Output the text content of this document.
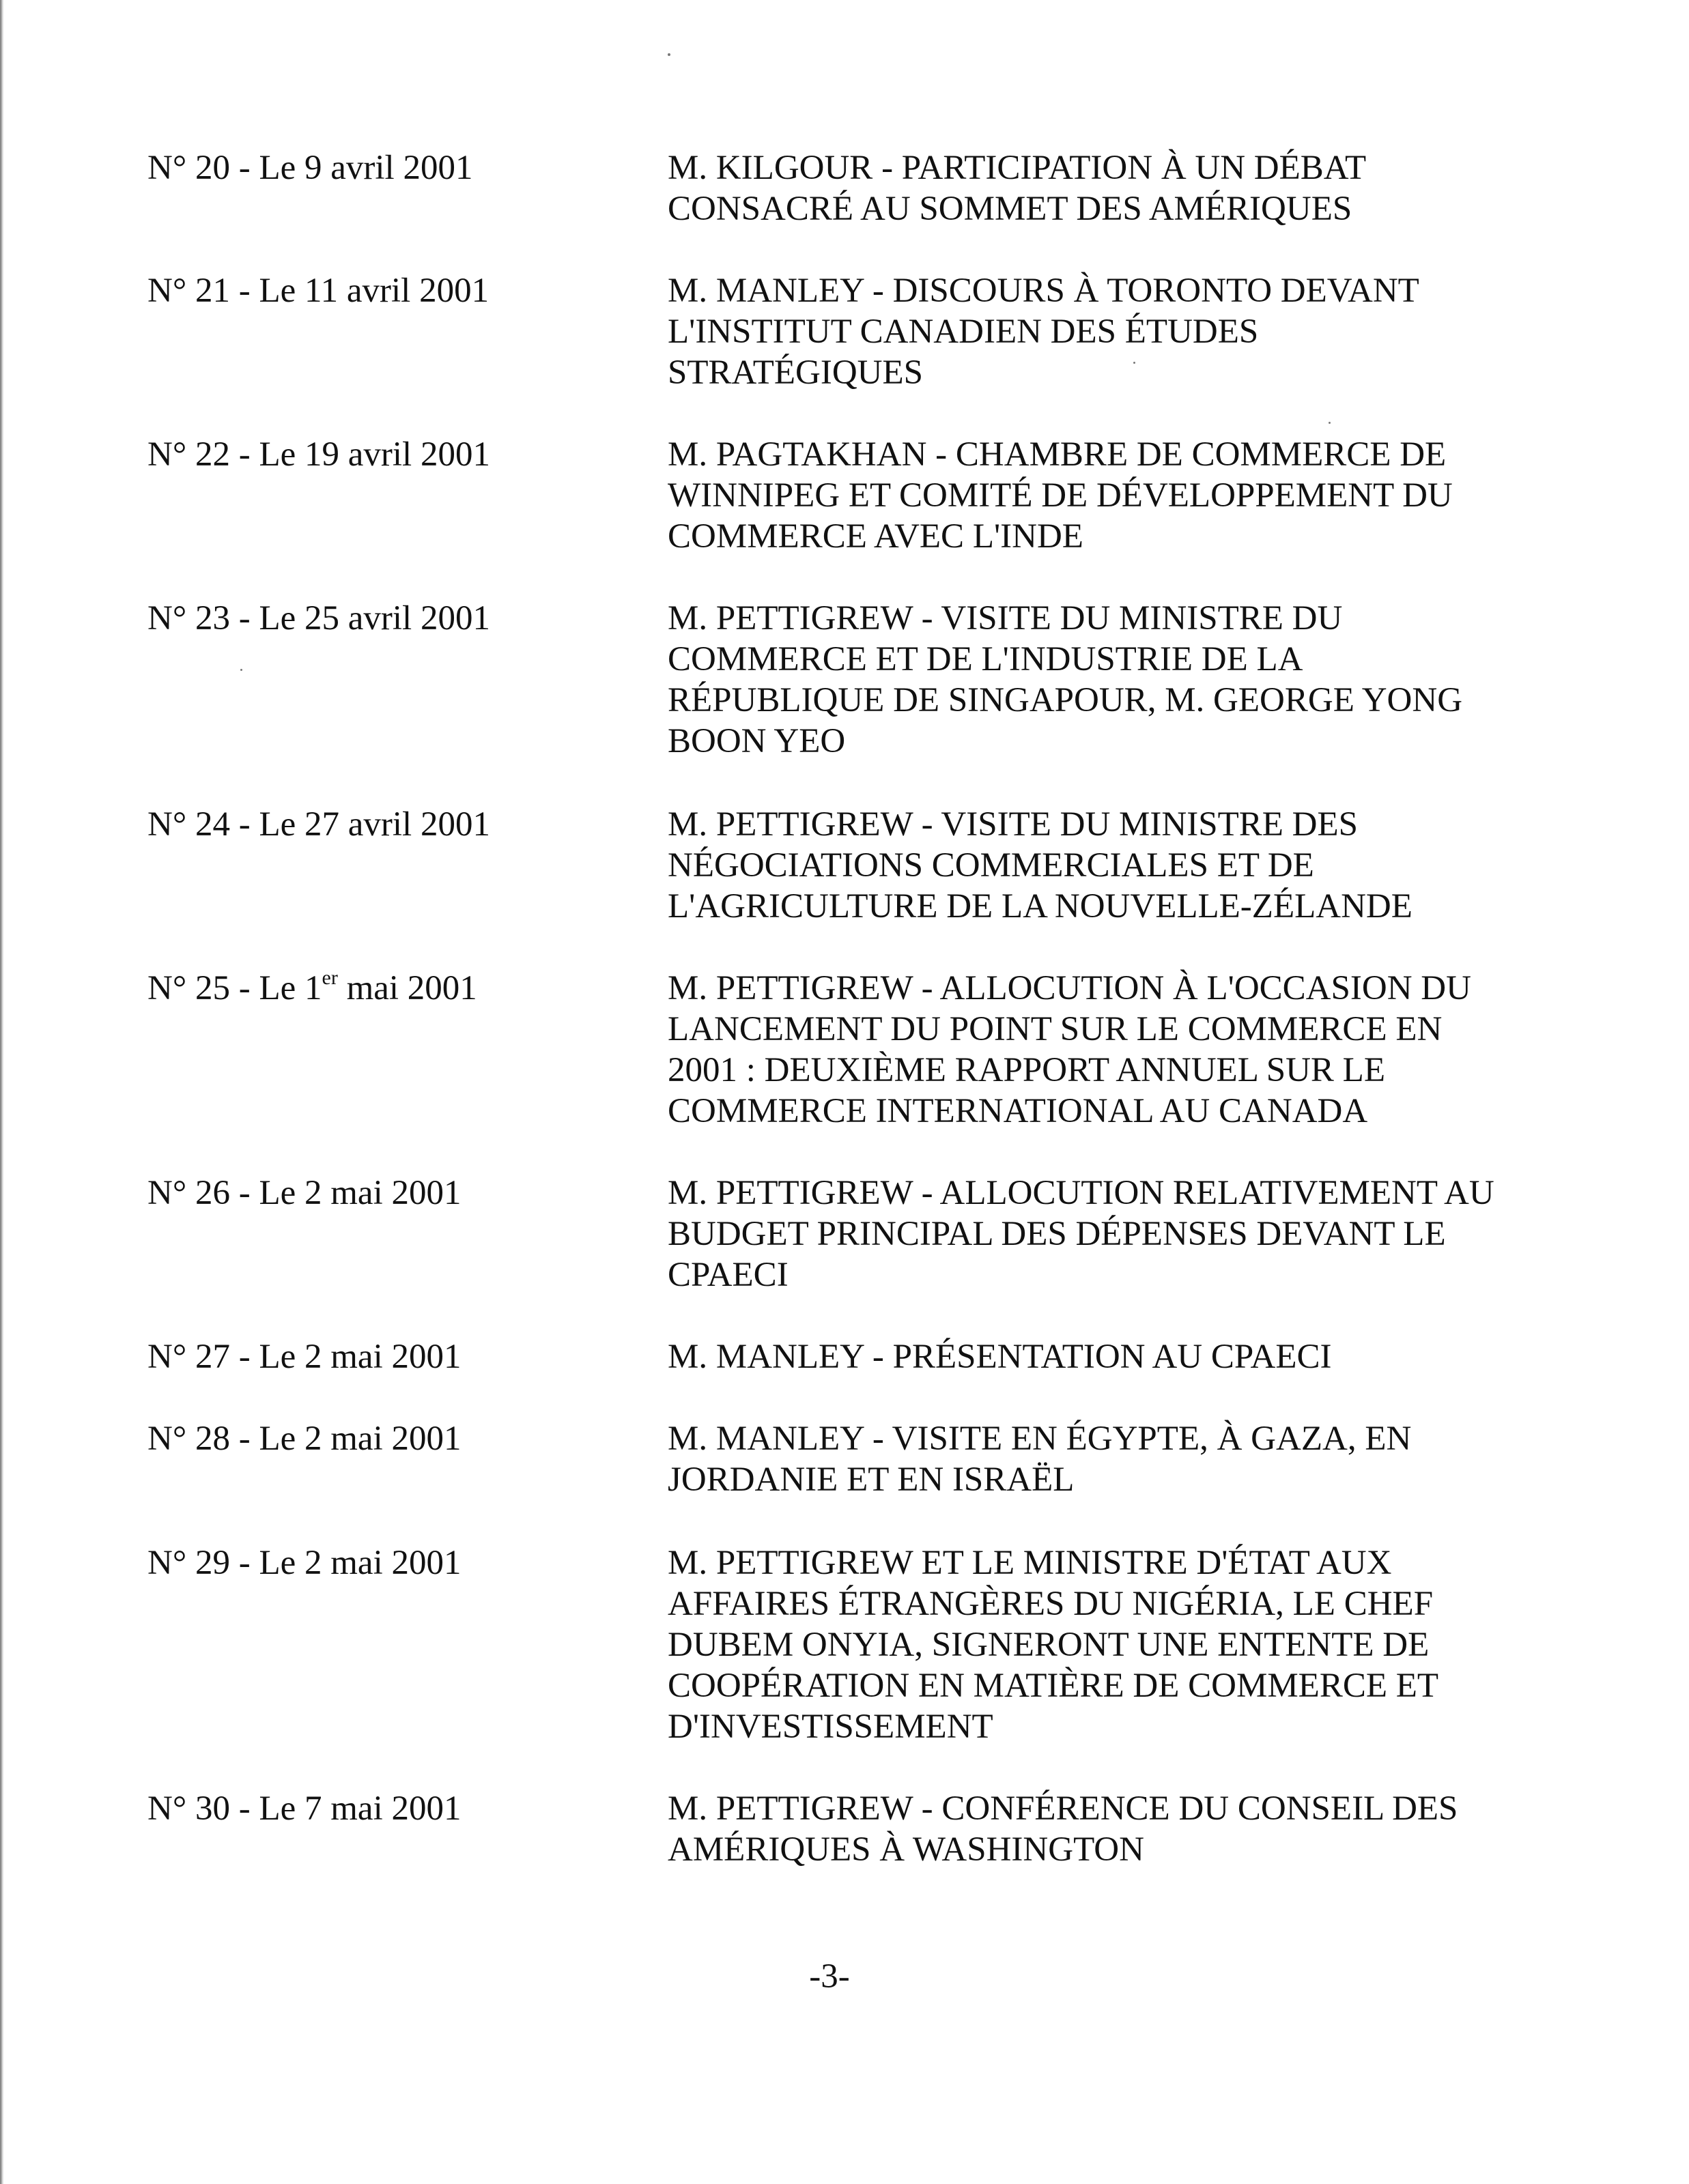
N° 20 - Le 9 avril 2001	M. KILGOUR - PARTICIPATION À UN DÉBAT
CONSACRÉ AU SOMMET DES AMÉRIQUES
N° 21 - Le 11 avril 2001	M. MANLEY - DISCOURS À TORONTO DEVANT
L'INSTITUT CANADIEN DES ÉTUDES
STRATÉGIQUES
N° 22 - Le 19 avril 2001	M. PAGTAKHAN - CHAMBRE DE COMMERCE DE
WINNIPEG ET COMITÉ DE DÉVELOPPEMENT DU
COMMERCE AVEC L'INDE
N° 23 - Le 25 avril 2001	M. PETTIGREW - VISITE DU MINISTRE DU
COMMERCE ET DE L'INDUSTRIE DE LA
RÉPUBLIQUE DE SINGAPOUR, M. GEORGE YONG
BOON YEO
N° 24 - Le 27 avril 2001	M. PETTIGREW - VISITE DU MINISTRE DES
NÉGOCIATIONS COMMERCIALES ET DE
L'AGRICULTURE DE LA NOUVELLE-ZÉLANDE
N° 25 - Le 1er mai 2001	M. PETTIGREW - ALLOCUTION À L'OCCASION DU
LANCEMENT DU POINT SUR LE COMMERCE EN
2001 : DEUXIÈME RAPPORT ANNUEL SUR LE
COMMERCE INTERNATIONAL AU CANADA
N° 26 - Le 2 mai 2001	M. PETTIGREW - ALLOCUTION RELATIVEMENT AU
BUDGET PRINCIPAL DES DÉPENSES DEVANT LE
CPAECI
N° 27 - Le 2 mai 2001	M. MANLEY - PRÉSENTATION AU CPAECI
N° 28 - Le 2 mai 2001	M. MANLEY - VISITE EN ÉGYPTE, À GAZA, EN
JORDANIE ET EN ISRAËL
N° 29 - Le 2 mai 2001	M. PETTIGREW ET LE MINISTRE D'ÉTAT AUX
AFFAIRES ÉTRANGÈRES DU NIGÉRIA, LE CHEF
DUBEM ONYIA, SIGNERONT UNE ENTENTE DE
COOPÉRATION EN MATIÈRE DE COMMERCE ET
D'INVESTISSEMENT
N° 30 - Le 7 mai 2001	M. PETTIGREW - CONFÉRENCE DU CONSEIL DES
AMÉRIQUES À WASHINGTON
-3-
